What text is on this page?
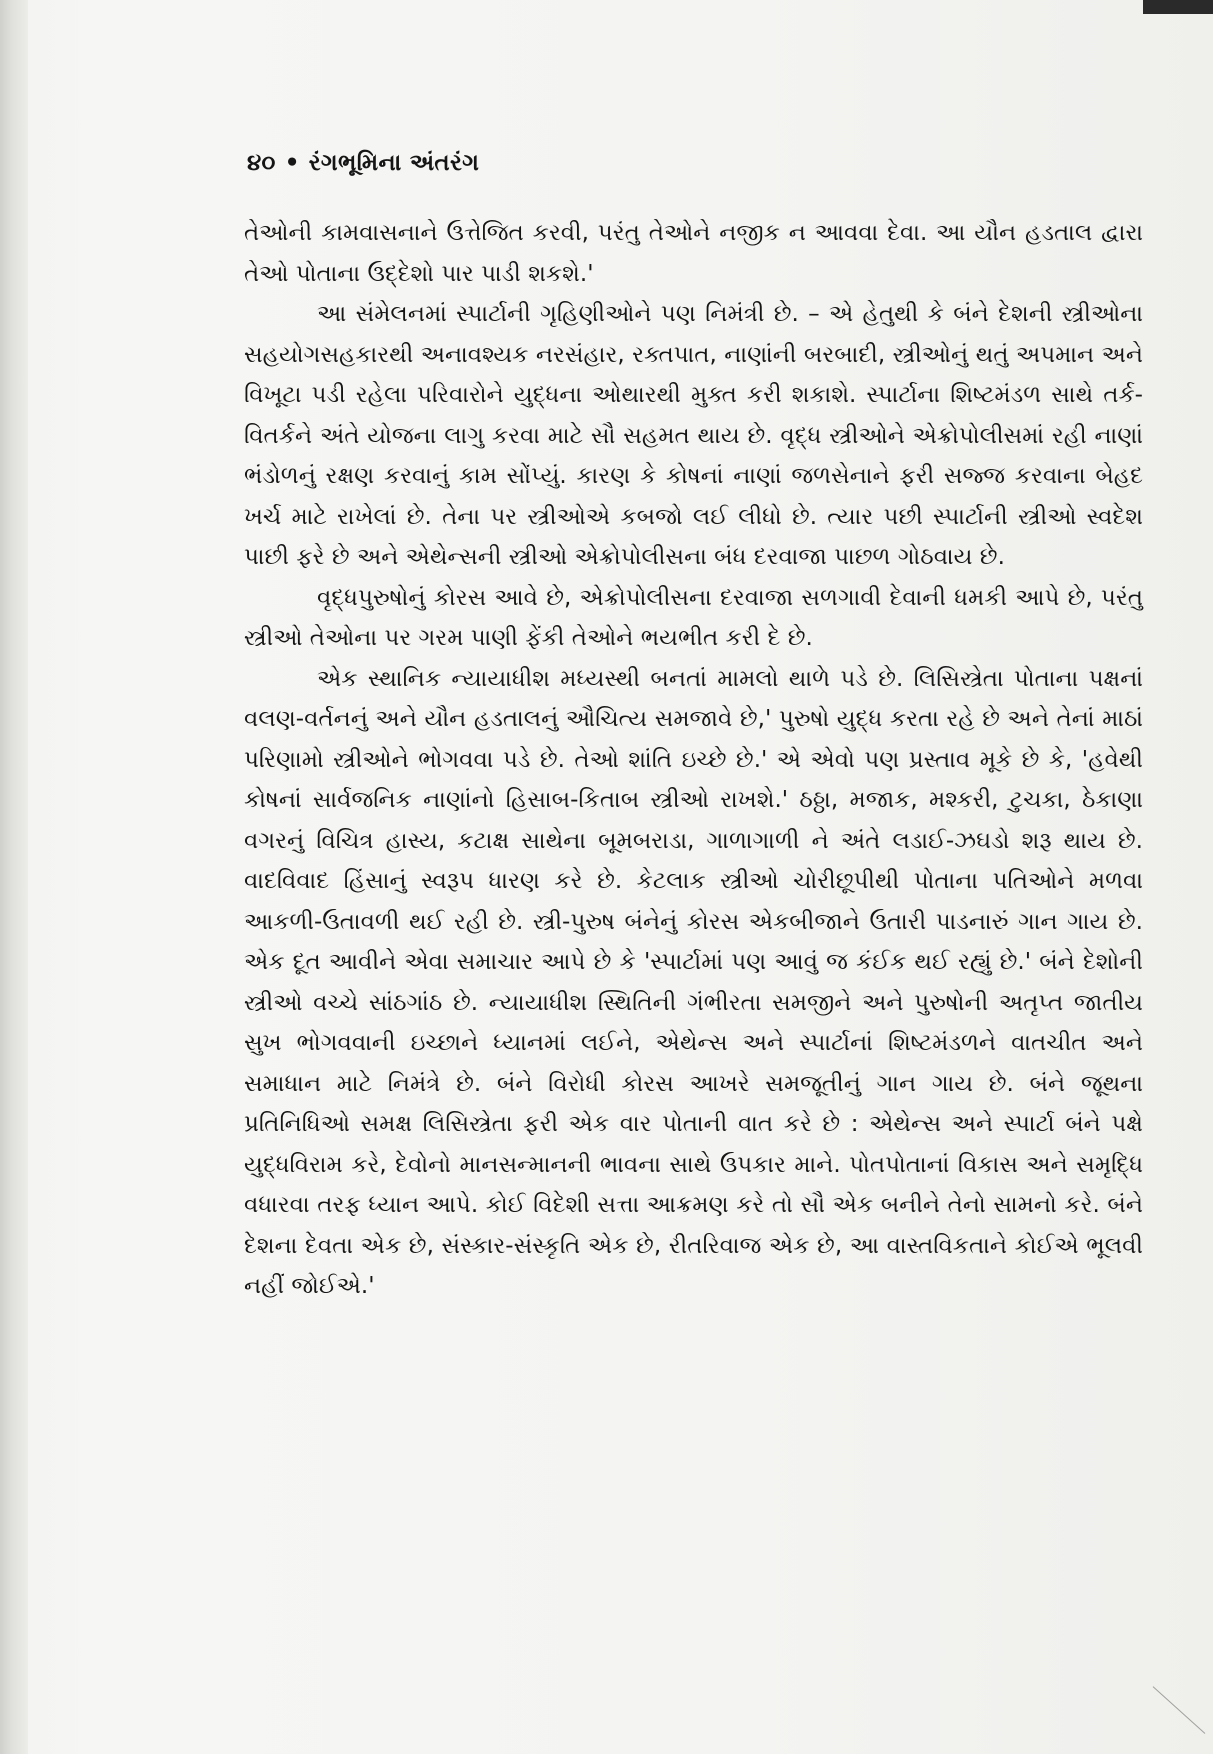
૪૦ • રંગભૂમિના અંતરંગ

તેઓની કામવાસનાને ઉત્તેજિત કરવી, પરંતુ તેઓને નજીક ન આવવા દેવા. આ યૌન હડતાલ દ્વારા તેઓ પોતાના ઉદ્દેશો પાર પાડી શકશે.'

આ સંમેલનમાં સ્પાર્ટાની ગૃહિણીઓને પણ નિમંત્રી છે. – એ હેતુથી કે બંને દેશની સ્ત્રીઓના સહયોગસહકારથી અનાવશ્યક નરસંહાર, રક્તપાત, નાણાંની બરબાદી, સ્ત્રીઓનું થતું અપમાન અને વિખૂટા પડી રહેલા પરિવારોને યુદ્ધના ઓથારથી મુક્ત કરી શકાશે. સ્પાર્ટાના શિષ્ટમંડળ સાથે તર્ક-વિતર્કને અંતે યોજના લાગુ કરવા માટે સૌ સહમત થાય છે. વૃદ્ધ સ્ત્રીઓને એક્રોપોલીસમાં રહી નાણાં ભંડોળનું રક્ષણ કરવાનું કામ સોંપ્યું. કારણ કે કોષનાં નાણાં જળસેનાને ફરી સજ્જ કરવાના બેહદ ખર્ચ માટે રાખેલાં છે. તેના પર સ્ત્રીઓએ કબજો લઈ લીધો છે. ત્યાર પછી સ્પાર્ટાની સ્ત્રીઓ સ્વદેશ પાછી ફરે છે અને એથેન્સની સ્ત્રીઓ એક્રોપોલીસના બંધ દરવાજા પાછળ ગોઠવાય છે.

વૃદ્ધપુરુષોનું કોરસ આવે છે, એક્રોપોલીસના દરવાજા સળગાવી દેવાની ધમકી આપે છે, પરંતુ સ્ત્રીઓ તેઓના પર ગરમ પાણી ફેંકી તેઓને ભયભીત કરી દે છે.

એક સ્થાનિક ન્યાયાધીશ મધ્યસ્થી બનતાં મામલો થાળે પડે છે. લિસિસ્ત્રેતા પોતાના પક્ષનાં વલણ-વર્તનનું અને યૌન હડતાલનું ઔચિત્ય સમજાવે છે,' પુરુષો યુદ્ધ કરતા રહે છે અને તેનાં માઠાં પરિણામો સ્ત્રીઓને ભોગવવા પડે છે. તેઓ શાંતિ ઇચ્છે છે.' એ એવો પણ પ્રસ્તાવ મૂકે છે કે, 'હવેથી કોષનાં સાર્વજનિક નાણાંનો હિસાબ-કિતાબ સ્ત્રીઓ રાખશે.' ઠઠ્ઠા, મજાક, મશ્કરી, ટુચકા, ઠેકાણા વગરનું વિચિત્ર હાસ્ય, કટાક્ષ સાથેના બૂમબરાડા, ગાળાગાળી ને અંતે લડાઈ-ઝઘડો શરૂ થાય છે. વાદવિવાદ હિંસાનું સ્વરૂપ ધારણ કરે છે. કેટલાક સ્ત્રીઓ ચોરીછૂપીથી પોતાના પતિઓને મળવા આકળી-ઉતાવળી થઈ રહી છે. સ્ત્રી-પુરુષ બંનેનું કોરસ એકબીજાને ઉતારી પાડનારું ગાન ગાય છે. એક દૂત આવીને એવા સમાચાર આપે છે કે 'સ્પાર્ટામાં પણ આવું જ કંઈક થઈ રહ્યું છે.' બંને દેશોની સ્ત્રીઓ વચ્ચે સાંઠગાંઠ છે. ન્યાયાધીશ સ્થિતિની ગંભીરતા સમજીને અને પુરુષોની અતૃપ્ત જાતીય સુખ ભોગવવાની ઇચ્છાને ધ્યાનમાં લઈને, એથેન્સ અને સ્પાર્ટાનાં શિષ્ટમંડળને વાતચીત અને સમાધાન માટે નિમંત્રે છે. બંને વિરોધી કોરસ આખરે સમજૂતીનું ગાન ગાય છે. બંને જૂથના પ્રતિનિધિઓ સમક્ષ લિસિસ્ત્રેતા ફરી એક વાર પોતાની વાત કરે છે : એથેન્સ અને સ્પાર્ટા બંને પક્ષે યુદ્ધવિરામ કરે, દેવોનો માનસન્માનની ભાવના સાથે ઉપકાર માને. પોતપોતાનાં વિકાસ અને સમૃદ્ધિ વધારવા તરફ ધ્યાન આપે. કોઈ વિદેશી સત્તા આક્રમણ કરે તો સૌ એક બનીને તેનો સામનો કરે. બંને દેશના દેવતા એક છે, સંસ્કાર-સંસ્કૃતિ એક છે, રીતરિવાજ એક છે, આ વાસ્તવિકતાને કોઈએ ભૂલવી નહીં જોઈએ.'
